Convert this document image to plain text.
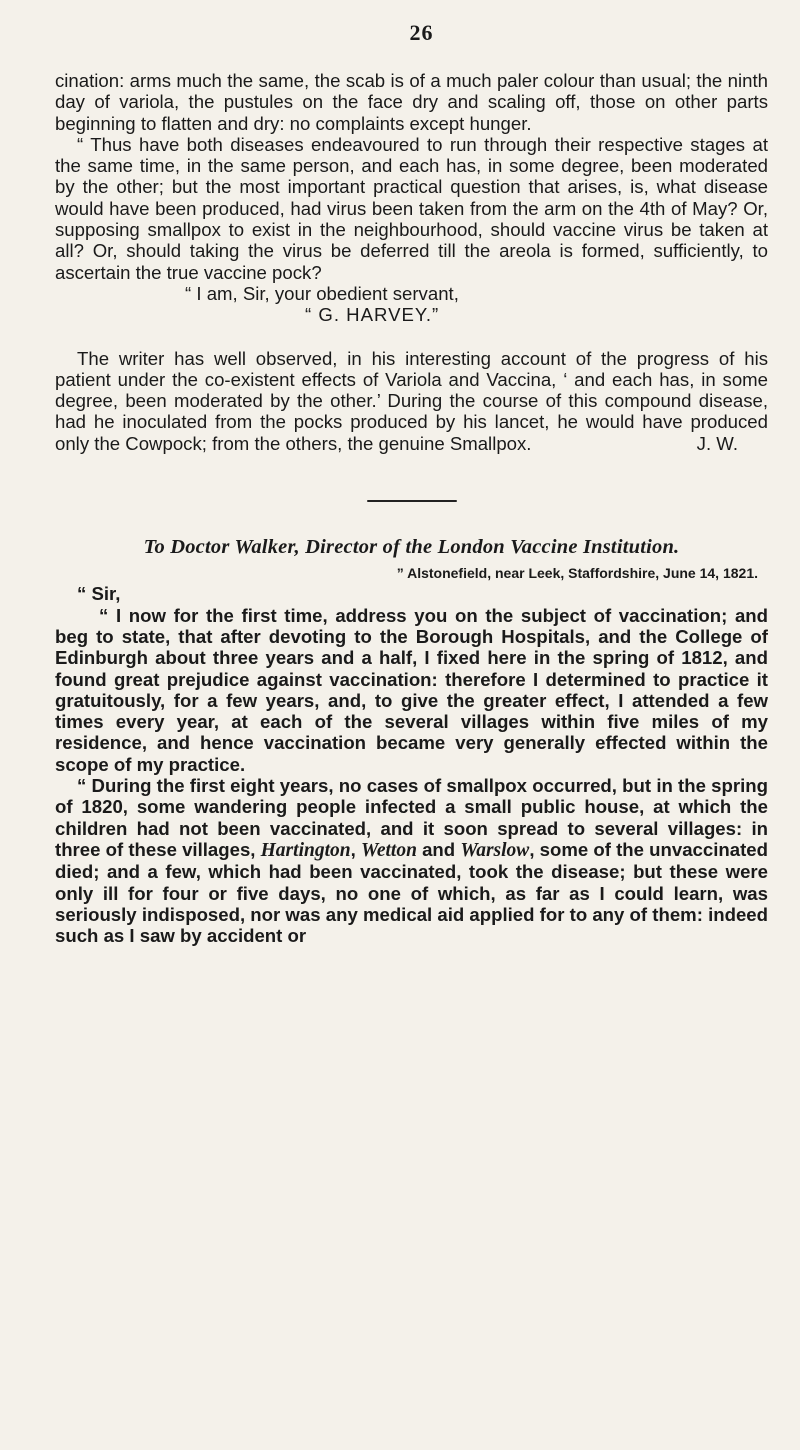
26

cination: arms much the same, the scab is of a much paler colour than usual; the ninth day of variola, the pustules on the face dry and scaling off, those on other parts beginning to flatten and dry: no complaints except hunger.

“ Thus have both diseases endeavoured to run through their respective stages at the same time, in the same person, and each has, in some degree, been moderated by the other; but the most important practical question that arises, is, what disease would have been produced, had virus been taken from the arm on the 4th of May? Or, supposing smallpox to exist in the neighbourhood, should vaccine virus be taken at all? Or, should taking the virus be deferred till the areola is formed, sufficiently, to ascertain the true vaccine pock?

“ I am, Sir, your obedient servant,

“ G. HARVEY.”

The writer has well observed, in his interesting account of the progress of his patient under the co-existent effects of Variola and Vaccina, ‘ and each has, in some degree, been moderated by the other.’ During the course of this compound disease, had he inoculated from the pocks produced by his lancet, he would have produced only the Cowpock; from the others, the genuine Smallpox.	J. W.

To Doctor Walker, Director of the London Vaccine Institution.

” Alstonefield, near Leek, Staffordshire, June 14, 1821.

“ Sir,

“ I now for the first time, address you on the subject of vaccination; and beg to state, that after devoting to the Borough Hospitals, and the College of Edinburgh about three years and a half, I fixed here in the spring of 1812, and found great prejudice against vaccination: therefore I determined to practice it gratuitously, for a few years, and, to give the greater effect, I attended a few times every year, at each of the several villages within five miles of my residence, and hence vaccination became very generally effected within the scope of my practice.

“ During the first eight years, no cases of smallpox occurred, but in the spring of 1820, some wandering people infected a small public house, at which the children had not been vaccinated, and it soon spread to several villages: in three of these villages, Hartington, Wetton and Warslow, some of the unvaccinated died; and a few, which had been vaccinated, took the disease; but these were only ill for four or five days, no one of which, as far as I could learn, was seriously indisposed, nor was any medical aid applied for to any of them: indeed such as I saw by accident or
